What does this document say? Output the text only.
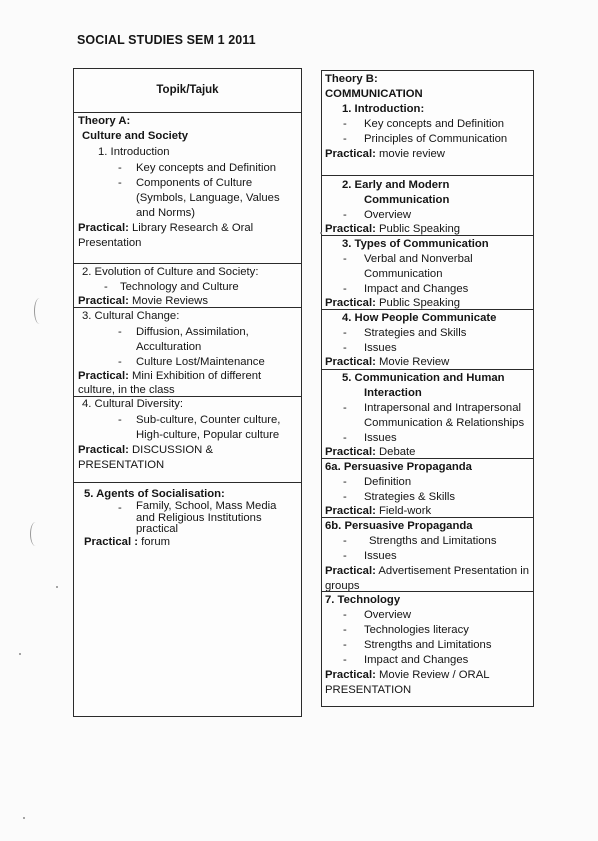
SOCIAL STUDIES SEM 1 2011
Topik/Tajuk
Theory A:
Culture and Society
1. Introduction
- Key concepts and Definition
- Components of Culture
(Symbols, Language, Values
and Norms)
Practical: Library Research & Oral
Presentation
2. Evolution of Culture and Society:
- Technology and Culture
Practical: Movie Reviews
3. Cultural Change:
- Diffusion, Assimilation,
Acculturation
- Culture Lost/Maintenance
Practical: Mini Exhibition of different
culture, in the class
4. Cultural Diversity:
- Sub-culture, Counter culture,
High-culture, Popular culture
Practical: DISCUSSION &
PRESENTATION
5. Agents of Socialisation:
- Family, School, Mass Media
and Religious Institutions
practical
Practical : forum
Theory B:
COMMUNICATION
1. Introduction:
- Key concepts and Definition
- Principles of Communication
Practical: movie review
2. Early and Modern
Communication
- Overview
Practical: Public Speaking
3. Types of Communication
- Verbal and Nonverbal
Communication
- Impact and Changes
Practical: Public Speaking
4. How People Communicate
- Strategies and Skills
- Issues
Practical: Movie Review
5. Communication and Human
Interaction
- Intrapersonal and Intrapersonal
Communication & Relationships
- Issues
Practical: Debate
6a. Persuasive Propaganda
- Definition
- Strategies & Skills
Practical: Field-work
6b. Persuasive Propaganda
- Strengths and Limitations
- Issues
Practical: Advertisement Presentation in
groups
7. Technology
- Overview
- Technologies literacy
- Strengths and Limitations
- Impact and Changes
Practical: Movie Review / ORAL
PRESENTATION
